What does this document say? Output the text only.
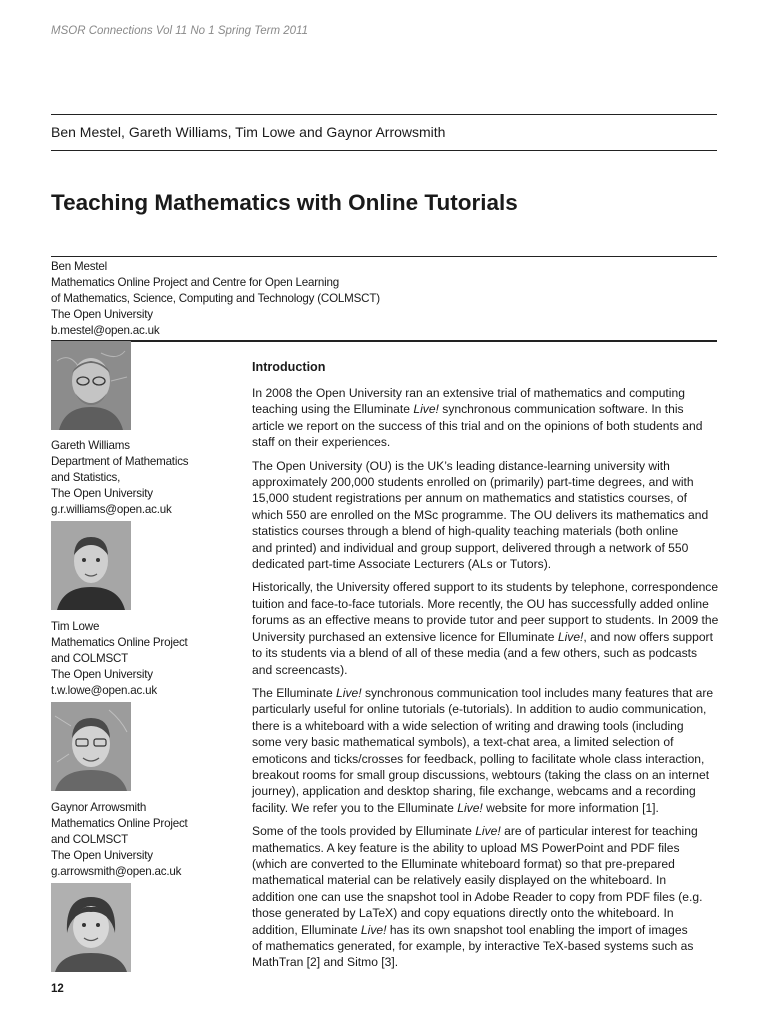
MSOR Connections Vol 11 No 1 Spring Term 2011
Ben Mestel, Gareth Williams, Tim Lowe and Gaynor Arrowsmith
Teaching Mathematics with Online Tutorials
Ben Mestel
Mathematics Online Project and Centre for Open Learning
of Mathematics, Science, Computing and Technology (COLMSCT)
The Open University
b.mestel@open.ac.uk
Gareth Williams
Department of Mathematics
and Statistics,
The Open University
g.r.williams@open.ac.uk
Tim Lowe
Mathematics Online Project
and COLMSCT
The Open University
t.w.lowe@open.ac.uk
Gaynor Arrowsmith
Mathematics Online Project
and COLMSCT
The Open University
g.arrowsmith@open.ac.uk
Introduction

In 2008 the Open University ran an extensive trial of mathematics and computing
teaching using the Elluminate Live! synchronous communication software. In this
article we report on the success of this trial and on the opinions of both students and
staff on their experiences.

The Open University (OU) is the UK’s leading distance-learning university with
approximately 200,000 students enrolled on (primarily) part-time degrees, and with
15,000 student registrations per annum on mathematics and statistics courses, of
which 550 are enrolled on the MSc programme. The OU delivers its mathematics and
statistics courses through a blend of high-quality teaching materials (both online
and printed) and individual and group support, delivered through a network of 550
dedicated part-time Associate Lecturers (ALs or Tutors).

Historically, the University offered support to its students by telephone, correspondence
tuition and face-to-face tutorials. More recently, the OU has successfully added online
forums as an effective means to provide tutor and peer support to students. In 2009 the
University purchased an extensive licence for Elluminate Live!, and now offers support
to its students via a blend of all of these media (and a few others, such as podcasts
and screencasts).

The Elluminate Live! synchronous communication tool includes many features that are
particularly useful for online tutorials (e-tutorials). In addition to audio communication,
there is a whiteboard with a wide selection of writing and drawing tools (including
some very basic mathematical symbols), a text-chat area, a limited selection of
emoticons and ticks/crosses for feedback, polling to facilitate whole class interaction,
breakout rooms for small group discussions, webtours (taking the class on an internet
journey), application and desktop sharing, file exchange, webcams and a recording
facility. We refer you to the Elluminate Live! website for more information [1].

Some of the tools provided by Elluminate Live! are of particular interest for teaching
mathematics. A key feature is the ability to upload MS PowerPoint and PDF files
(which are converted to the Elluminate whiteboard format) so that pre-prepared
mathematical material can be relatively easily displayed on the whiteboard. In
addition one can use the snapshot tool in Adobe Reader to copy from PDF files (e.g.
those generated by LaTeX) and copy equations directly onto the whiteboard. In
addition, Elluminate Live! has its own snapshot tool enabling the import of images
of mathematics generated, for example, by interactive TeX-based systems such as
MathTran [2] and Sitmo [3].

12
